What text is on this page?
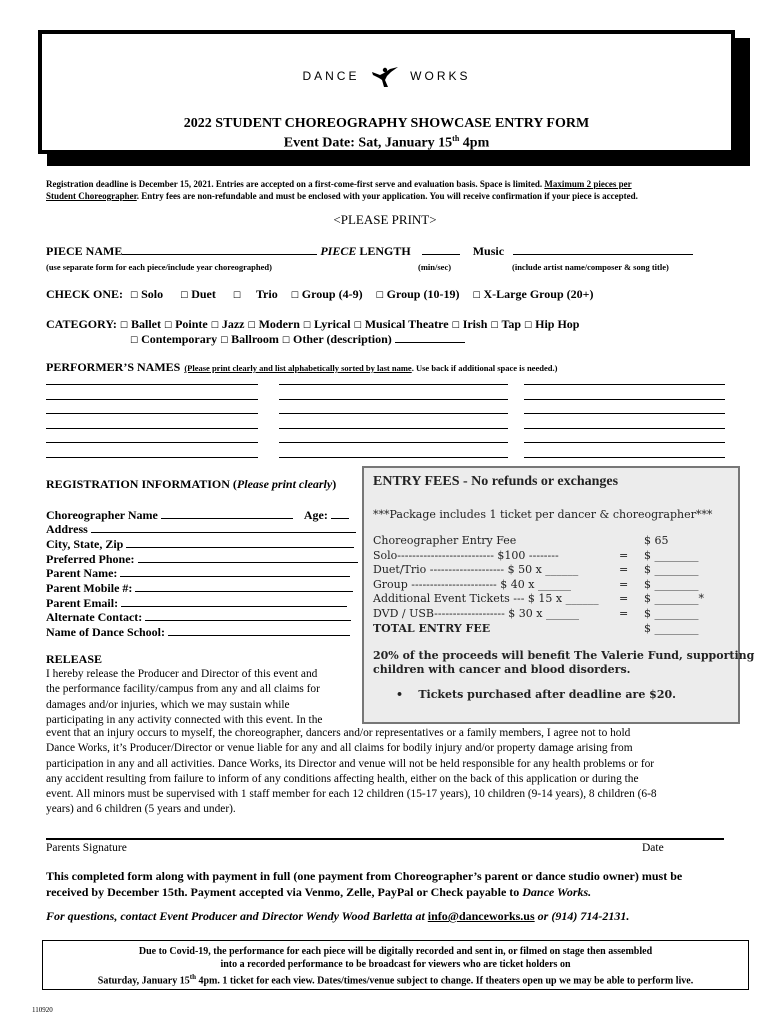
DANCE	WORKS
2022 STUDENT CHOREOGRAPHY SHOWCASE ENTRY FORM
Event Date: Sat, January 15th 4pm
Registration deadline is December 15, 2021. Entries are accepted on a first-come-first serve and evaluation basis. Space is limited. Maximum 2 pieces per
Student Choreographer. Entry fees are non-refundable and must be enclosed with your application. You will receive confirmation if your piece is accepted.
<PLEASE PRINT>
PIECE NAME	PIECE LENGTH	Music
(use separate form for each piece/include year choreographed)	(min/sec)	(include artist name/composer & song title)
CHECK ONE: ☐ Solo ☐ Duet ☐ Trio ☐ Group (4-9) ☐ Group (10-19) ☐ X-Large Group (20+)
CATEGORY: ☐ Ballet ☐ Pointe ☐ Jazz ☐ Modern ☐ Lyrical ☐ Musical Theatre ☐ Irish ☐ Tap ☐ Hip Hop
☐ Contemporary ☐ Ballroom ☐ Other (description)
PERFORMER’S NAMES (Please print clearly and list alphabetically sorted by last name. Use back if additional space is needed.)
REGISTRATION INFORMATION (Please print clearly)
Choreographer Name	Age:
Address
City, State, Zip
Preferred Phone:
Parent Name:
Parent Mobile #:
Parent Email:
Alternate Contact:
Name of Dance School:
ENTRY FEES - No refunds or exchanges
***Package includes 1 ticket per dancer & choreographer***
Choreographer Entry Fee	$ 65
Solo-------------------------- $100 --------	= $ ________
Duet/Trio -------------------- $ 50 x ______	= $ ________
Group ----------------------- $ 40 x ______	= $ ________
Additional Event Tickets --- $ 15 x ______ = $ ________*
DVD / USB------------------- $ 30 x ______	= $ ________
TOTAL ENTRY FEE	$ ________
20% of the proceeds will benefit The Valerie Fund, supporting
children with cancer and blood disorders.
•    Tickets purchased after deadline are $20.
RELEASE
I hereby release the Producer and Director of this event and
the performance facility/campus from any and all claims for
damages and/or injuries, which we may sustain while
participating in any activity connected with this event. In the
event that an injury occurs to myself, the choreographer, dancers and/or representatives or a family members, I agree not to hold
Dance Works, it’s Producer/Director or venue liable for any and all claims for bodily injury and/or property damage arising from
participation in any and all activities. Dance Works, its Director and venue will not be held responsible for any health problems or for
any accident resulting from failure to inform of any conditions affecting health, either on the back of this application or during the
event. All minors must be supervised with 1 staff member for each 12 children (15-17 years), 10 children (9-14 years), 8 children (6-8
years) and 6 children (5 years and under).
Parents Signature	Date
This completed form along with payment in full (one payment from Choreographer’s parent or dance studio owner) must be
received by December 15th. Payment accepted via Venmo, Zelle, PayPal or Check payable to Dance Works.
For questions, contact Event Producer and Director Wendy Wood Barletta at info@danceworks.us or (914) 714-2131.
Due to Covid-19, the performance for each piece will be digitally recorded and sent in, or filmed on stage then assembled
into a recorded performance to be broadcast for viewers who are ticket holders on
Saturday, January 15th 4pm. 1 ticket for each view. Dates/times/venue subject to change. If theaters open up we may be able to perform live.
110920
